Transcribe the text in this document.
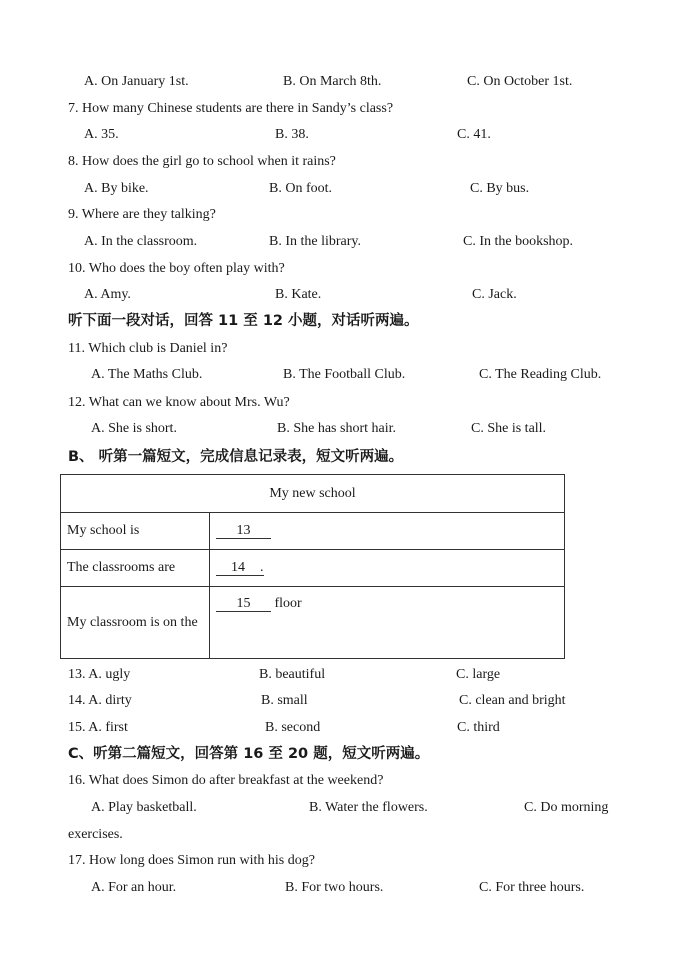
A. On January 1st.	B. On March 8th.	C. On October 1st.
7. How many Chinese students are there in Sandy’s class?
A. 35.	B. 38.	C. 41.
8. How does the girl go to school when it rains?
A. By bike.	B. On foot.	C. By bus.
9. Where are they talking?
A. In the classroom.	B. In the library.	C. In the bookshop.
10. Who does the boy often play with?
A. Amy.	B. Kate.	C. Jack.
听下面一段对话，回答 11 至 12 小题，对话听两遍。
11. Which club is Daniel in?
A. The Maths Club.	B. The Football Club.	C. The Reading Club.
12. What can we know about Mrs. Wu?
A. She is short.	B. She has short hair.	C. She is tall.
B、 听第一篇短文，完成信息记录表，短文听两遍。
My new school	
My school is	13
The classrooms are	14 .
My classroom is on the	15 floor
13. A. ugly	B. beautiful	C. large
14. A. dirty	B. small	C. clean and bright
15. A. first	B. second	C. third
C、听第二篇短文，回答第 16 至 20 题，短文听两遍。
16. What does Simon do after breakfast at the weekend?
A. Play basketball.	B. Water the flowers.	C. Do morning
exercises.
17. How long does Simon run with his dog?
A. For an hour.	B. For two hours.	C. For three hours.
